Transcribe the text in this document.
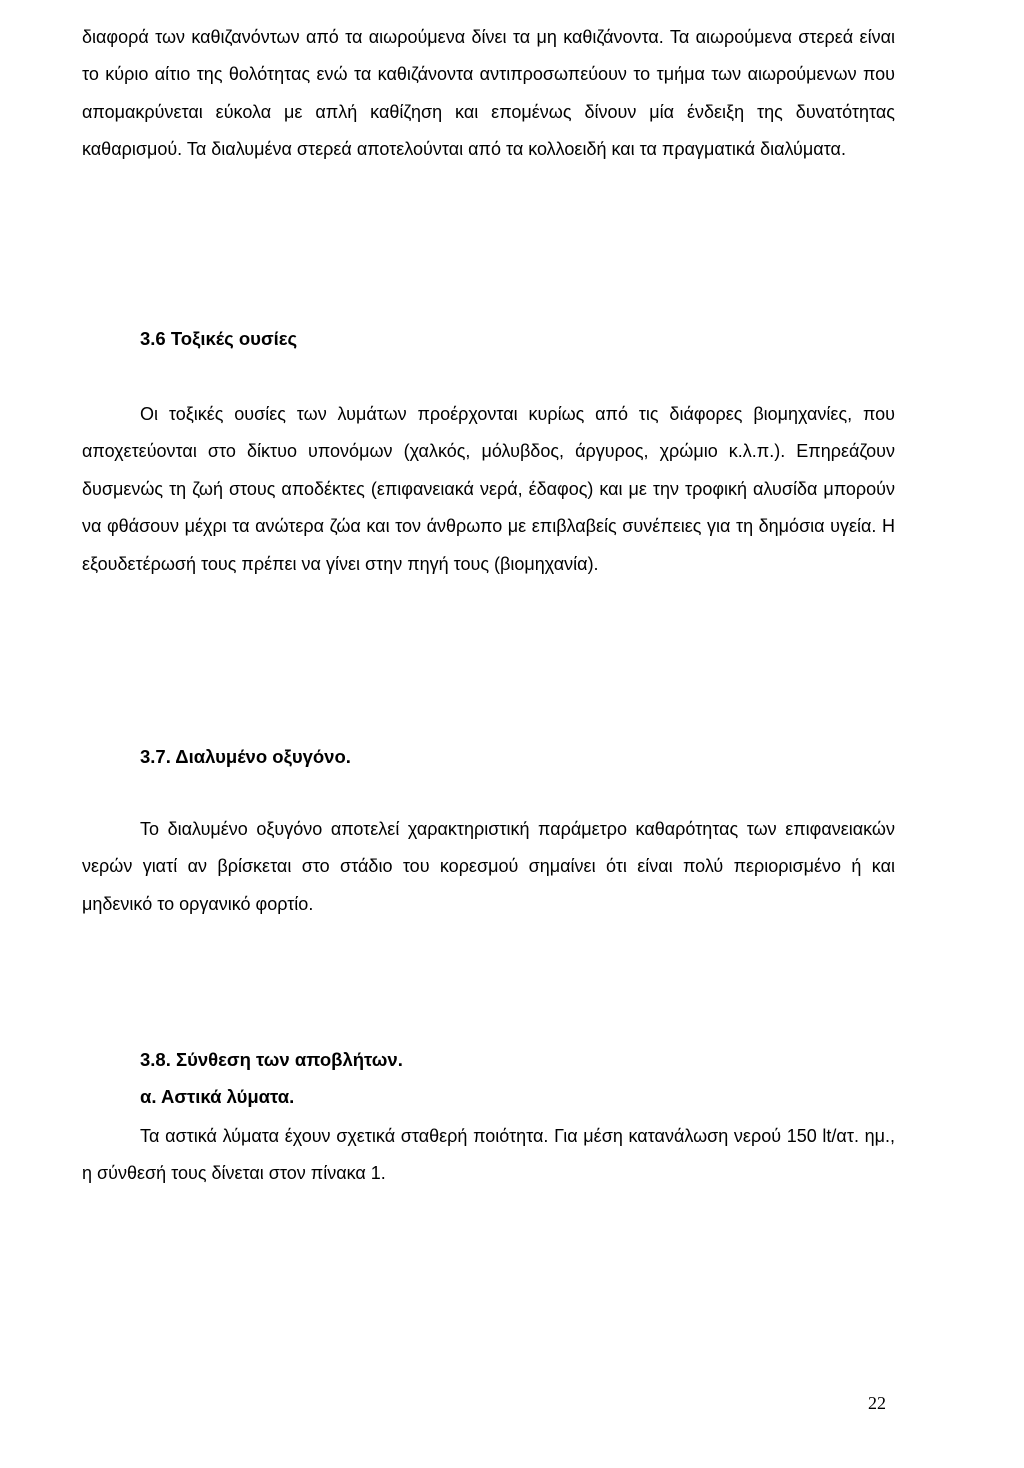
διαφορά των καθιζανόντων από τα αιωρούμενα δίνει τα μη καθιζάνοντα. Τα αιωρούμενα στερεά είναι το κύριο αίτιο της θολότητας ενώ τα καθιζάνοντα αντιπροσωπεύουν το τμήμα των αιωρούμενων που απομακρύνεται εύκολα με απλή καθίζηση και επομένως δίνουν μία ένδειξη της δυνατότητας καθαρισμού. Τα διαλυμένα στερεά αποτελούνται από τα κολλοειδή και τα πραγματικά διαλύματα.

3.6 Τοξικές ουσίες

Οι τοξικές ουσίες των λυμάτων προέρχονται κυρίως από τις διάφορες βιομηχανίες, που αποχετεύονται στο δίκτυο υπονόμων (χαλκός, μόλυβδος, άργυρος, χρώμιο κ.λ.π.). Επηρεάζουν δυσμενώς τη ζωή στους αποδέκτες (επιφανειακά νερά, έδαφος) και με την τροφική αλυσίδα μπορούν να φθάσουν μέχρι τα ανώτερα ζώα και τον άνθρωπο με επιβλαβείς συνέπειες για τη δημόσια υγεία. Η εξουδετέρωσή τους πρέπει να γίνει στην πηγή τους (βιομηχανία).

3.7. Διαλυμένο οξυγόνο.

Το διαλυμένο οξυγόνο αποτελεί χαρακτηριστική παράμετρο καθαρότητας των επιφανειακών νερών γιατί αν βρίσκεται στο στάδιο του κορεσμού σημαίνει ότι είναι πολύ περιορισμένο ή και μηδενικό το οργανικό φορτίο.

3.8. Σύνθεση των αποβλήτων.
α. Αστικά λύματα.

Τα αστικά λύματα έχουν σχετικά σταθερή ποιότητα. Για μέση κατανάλωση νερού 150 lt/ατ. ημ., η σύνθεσή τους δίνεται στον πίνακα 1.

22
